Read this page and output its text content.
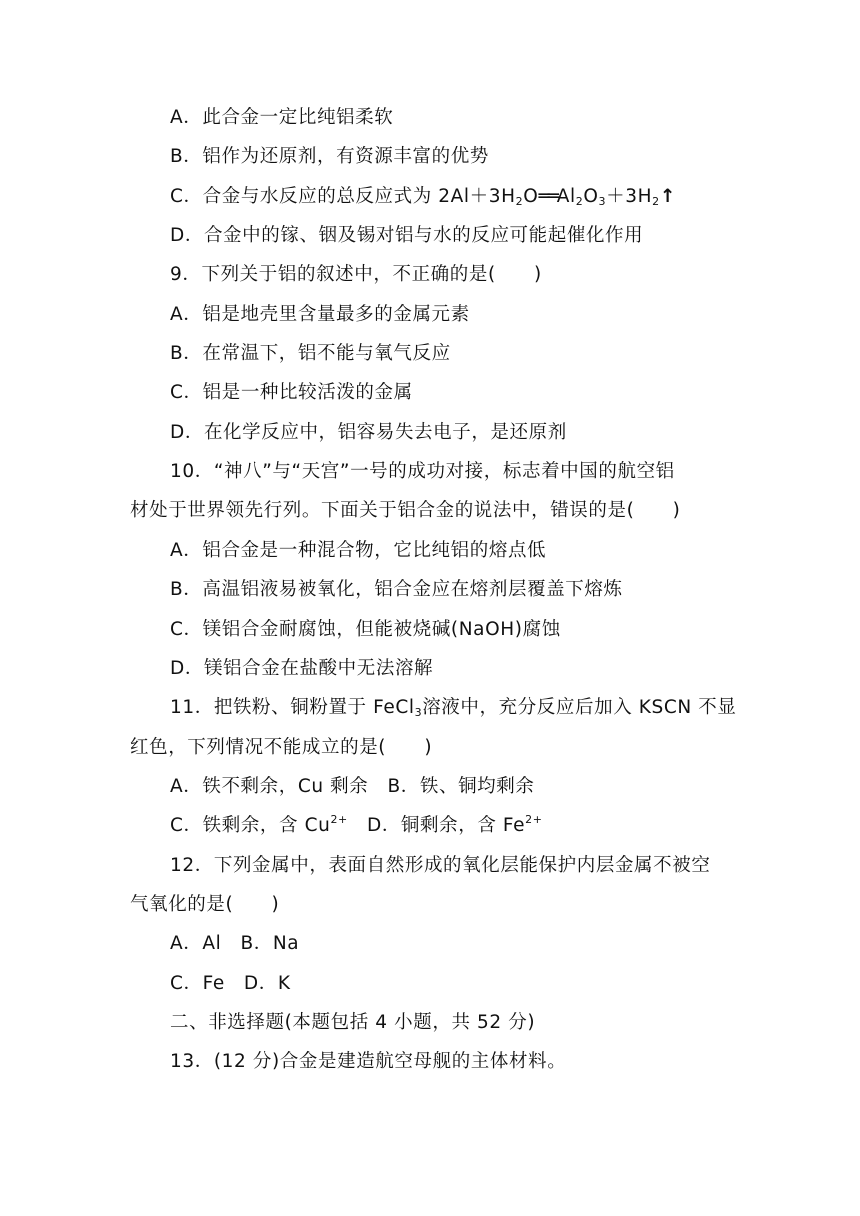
A．此合金一定比纯铝柔软
B．铝作为还原剂，有资源丰富的优势
C．合金与水反应的总反应式为 $2Al+3H_2O══Al_2O_3+3H_2↑$
D．合金中的镓、铟及锡对铝与水的反应可能起催化作用
9．下列关于铝的叙述中，不正确的是(　　)
A．铝是地壳里含量最多的金属元素
B．在常温下，铝不能与氧气反应
C．铝是一种比较活泼的金属
D．在化学反应中，铝容易失去电子，是还原剂
10．“神八”与“天宫”一号的成功对接，标志着中国的航空铝
材处于世界领先行列。下面关于铝合金的说法中，错误的是(　　)
A．铝合金是一种混合物，它比纯铝的熔点低
B．高温铝液易被氧化，铝合金应在熔剂层覆盖下熔炼
C．镁铝合金耐腐蚀，但能被烧碱(NaOH)腐蚀
D．镁铝合金在盐酸中无法溶解
11．把铁粉、铜粉置于 FeCl$_3$溶液中，充分反应后加入 KSCN 不显
红色，下列情况不能成立的是(　　)
A．铁不剩余，Cu 剩余　B．铁、铜均剩余
C．铁剩余，含 $Cu^{2+}$　D．铜剩余，含 $Fe^{2+}$
12．下列金属中，表面自然形成的氧化层能保护内层金属不被空
气氧化的是(　　)
A．Al　B．Na
C．Fe　D．K
二、非选择题(本题包括 4 小题，共 52 分)
13．(12 分)合金是建造航空母舰的主体材料。
